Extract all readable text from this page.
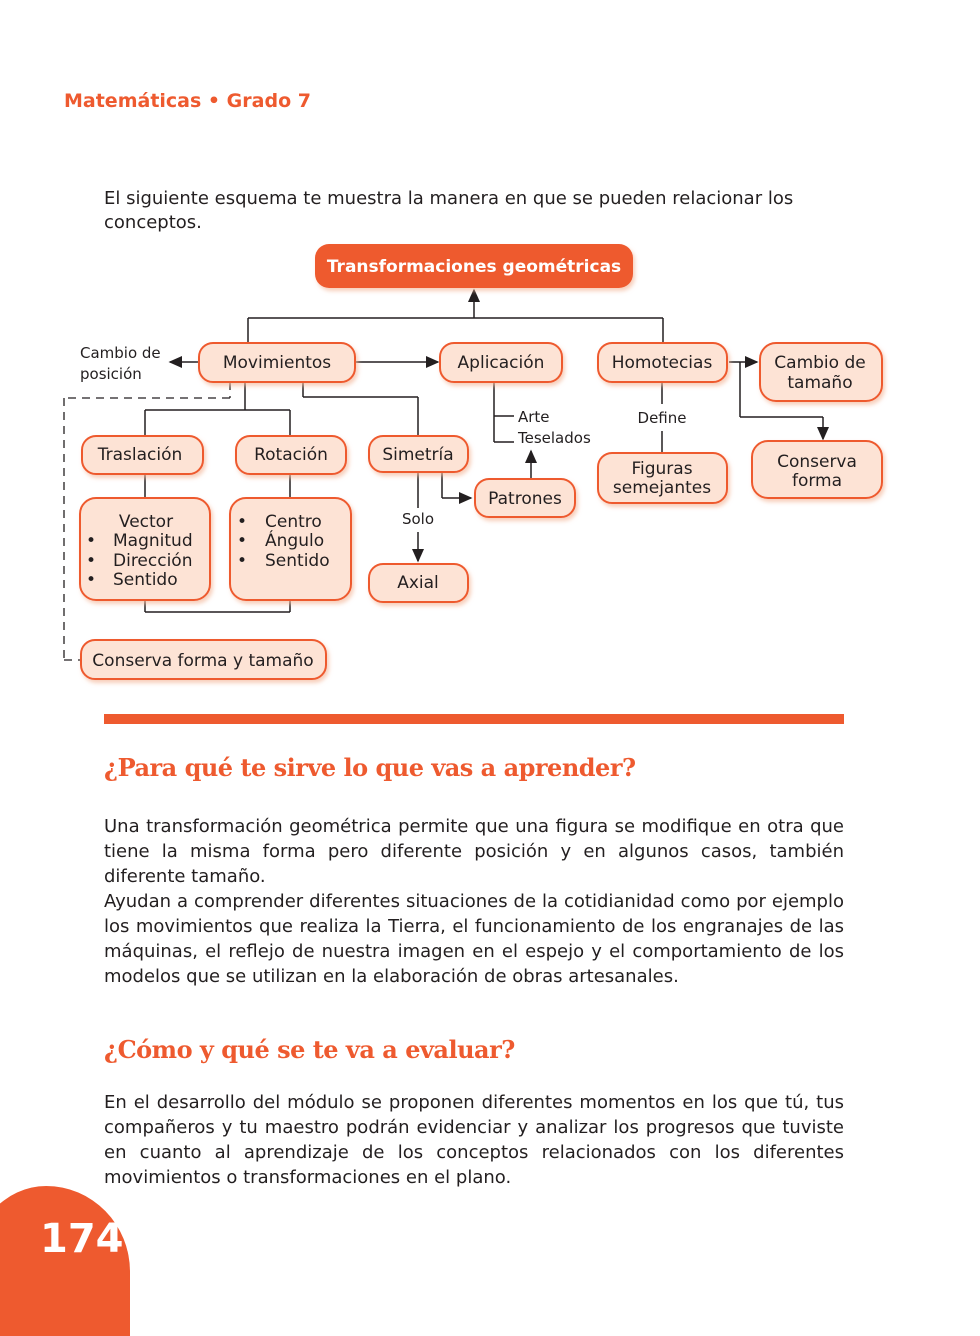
Matemáticas • Grado 7
El siguiente esquema te muestra la manera en que se pueden relacionar los conceptos.
Transformaciones geométricas
Movimientos	Aplicación	Homotecias	Cambio de
tamaño
Cambio de
posición
Traslación	Rotación	Simetría
Arte
Teselados
Define
Patrones
Figuras
semejantes
Conserva
forma
Vector
• Magnitud
• Dirección
• Sentido
• Centro
• Ángulo
• Sentido
Solo
Axial
Conserva forma y tamaño
¿Para qué te sirve lo que vas a aprender?
Una transformación geométrica permite que una figura se modifique en otra que tiene la misma forma pero diferente posición y en algunos casos, también diferente tamaño.
Ayudan a comprender diferentes situaciones de la cotidianidad como por ejemplo los movimientos que realiza la Tierra, el funcionamiento de los engranajes de las máquinas, el reflejo de nuestra imagen en el espejo y el comportamiento de los modelos que se utilizan en la elaboración de obras artesanales.
¿Cómo y qué se te va a evaluar?
En el desarrollo del módulo se proponen diferentes momentos en los que tú, tus compañeros y tu maestro podrán evidenciar y analizar los progresos que tuviste en cuanto al aprendizaje de los conceptos relacionados con los diferentes movimientos o transformaciones en el plano.
174
